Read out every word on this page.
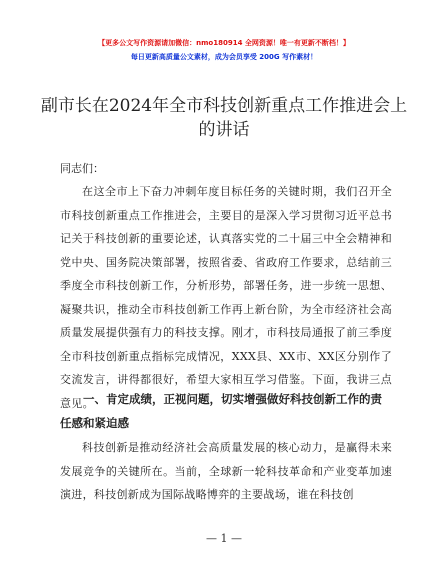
【更多公文写作资源请加微信：nmo180914 全网资源！唯一有更新不断档！】
每日更新高质量公文素材，成为会员享受 200G 写作素材！
副市长在2024年全市科技创新重点工作推进会上的讲话
同志们：
在这全市上下奋力冲刺年度目标任务的关键时期，我们召开全市科技创新重点工作推进会，主要目的是深入学习贯彻习近平总书记关于科技创新的重要论述，认真落实党的二十届三中全会精神和党中央、国务院决策部署，按照省委、省政府工作要求，总结前三季度全市科技创新工作，分析形势，部署任务，进一步统一思想、凝聚共识，推动全市科技创新工作再上新台阶，为全市经济社会高质量发展提供强有力的科技支撑。刚才，市科技局通报了前三季度全市科技创新重点指标完成情况，XXX县、XX市、XX区分别作了交流发言，讲得都很好，希望大家相互学习借鉴。下面，我讲三点意见。
一、肯定成绩，正视问题，切实增强做好科技创新工作的责任感和紧迫感
科技创新是推动经济社会高质量发展的核心动力，是赢得未来发展竞争的关键所在。当前，全球新一轮科技革命和产业变革加速演进，科技创新成为国际战略博弈的主要战场，谁在科技创
— 1 —
